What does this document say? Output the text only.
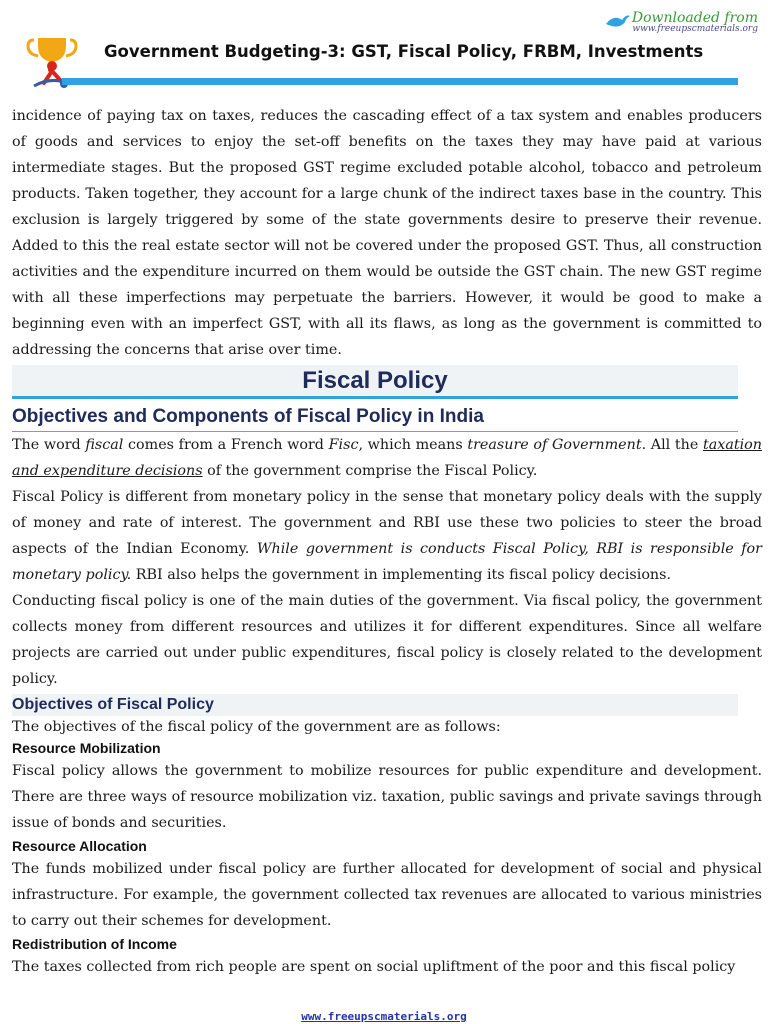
Downloaded from
www.freeupscmaterials.org
Government Budgeting-3: GST, Fiscal Policy, FRBM, Investments

incidence of paying tax on taxes, reduces the cascading effect of a tax system and enables producers of goods and services to enjoy the set-off benefits on the taxes they may have paid at various intermediate stages. But the proposed GST regime excluded potable alcohol, tobacco and petroleum products. Taken together, they account for a large chunk of the indirect taxes base in the country. This exclusion is largely triggered by some of the state governments desire to preserve their revenue. Added to this the real estate sector will not be covered under the proposed GST. Thus, all construction activities and the expenditure incurred on them would be outside the GST chain. The new GST regime with all these imperfections may perpetuate the barriers. However, it would be good to make a beginning even with an imperfect GST, with all its flaws, as long as the government is committed to addressing the concerns that arise over time.

Fiscal Policy
Objectives and Components of Fiscal Policy in India

The word fiscal comes from a French word Fisc, which means treasure of Government. All the taxation and expenditure decisions of the government comprise the Fiscal Policy.

Fiscal Policy is different from monetary policy in the sense that monetary policy deals with the supply of money and rate of interest. The government and RBI use these two policies to steer the broad aspects of the Indian Economy. While government is conducts Fiscal Policy, RBI is responsible for monetary policy. RBI also helps the government in implementing its fiscal policy decisions.

Conducting fiscal policy is one of the main duties of the government. Via fiscal policy, the government collects money from different resources and utilizes it for different expenditures. Since all welfare projects are carried out under public expenditures, fiscal policy is closely related to the development policy.

Objectives of Fiscal Policy

The objectives of the fiscal policy of the government are as follows:

Resource Mobilization

Fiscal policy allows the government to mobilize resources for public expenditure and development. There are three ways of resource mobilization viz. taxation, public savings and private savings through issue of bonds and securities.

Resource Allocation

The funds mobilized under fiscal policy are further allocated for development of social and physical infrastructure. For example, the government collected tax revenues are allocated to various ministries to carry out their schemes for development.

Redistribution of Income

The taxes collected from rich people are spent on social upliftment of the poor and this fiscal policy

www.freeupscmaterials.org
